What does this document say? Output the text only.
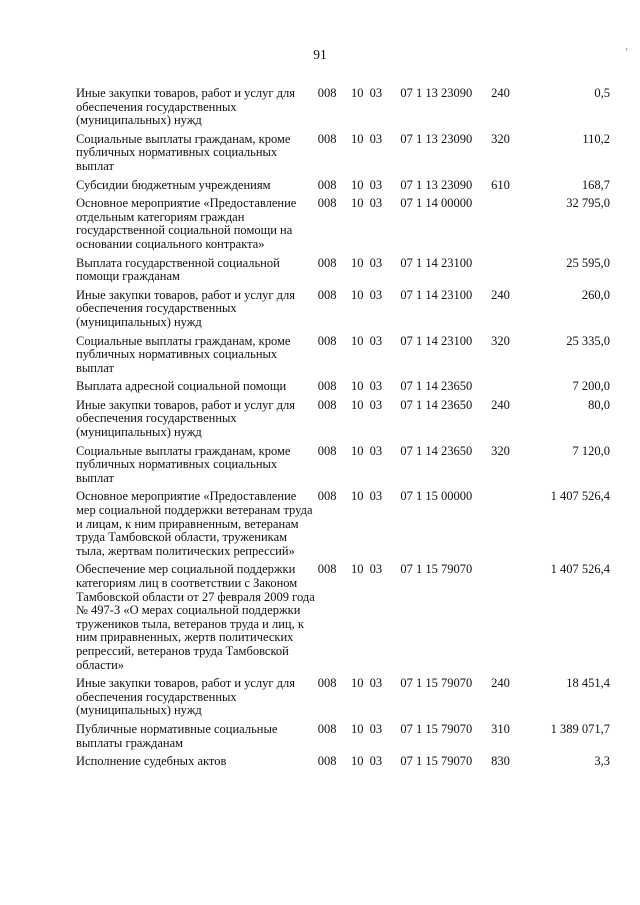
91
,
Иные закупки товаров, работ и услуг для обеспечения государственных (муниципальных) нужд	008	10 03	07 1 13 23090	240	0,5
Социальные выплаты гражданам, кроме публичных нормативных социальных выплат	008	10 03	07 1 13 23090	320	110,2
Субсидии бюджетным учреждениям	008	10 03	07 1 13 23090	610	168,7
Основное мероприятие «Предоставление отдельным категориям граждан государственной социальной помощи на основании социального контракта»	008	10 03	07 1 14 00000		32 795,0
Выплата государственной социальной помощи гражданам	008	10 03	07 1 14 23100		25 595,0
Иные закупки товаров, работ и услуг для обеспечения государственных (муниципальных) нужд	008	10 03	07 1 14 23100	240	260,0
Социальные выплаты гражданам, кроме публичных нормативных социальных выплат	008	10 03	07 1 14 23100	320	25 335,0
Выплата адресной социальной помощи	008	10 03	07 1 14 23650		7 200,0
Иные закупки товаров, работ и услуг для обеспечения государственных (муниципальных) нужд	008	10 03	07 1 14 23650	240	80,0
Социальные выплаты гражданам, кроме публичных нормативных социальных выплат	008	10 03	07 1 14 23650	320	7 120,0
Основное мероприятие «Предоставление мер социальной поддержки ветеранам труда и лицам, к ним приравненным, ветеранам труда Тамбовской области, труженикам тыла, жертвам политических репрессий»	008	10 03	07 1 15 00000		1 407 526,4
Обеспечение мер социальной поддержки категориям лиц в соответствии с Законом Тамбовской области от 27 февраля 2009 года № 497-З «О мерах социальной поддержки тружеников тыла, ветеранов труда и лиц, к ним приравненных, жертв политических репрессий, ветеранов труда Тамбовской области»	008	10 03	07 1 15 79070		1 407 526,4
Иные закупки товаров, работ и услуг для обеспечения государственных (муниципальных) нужд	008	10 03	07 1 15 79070	240	18 451,4
Публичные нормативные социальные выплаты гражданам	008	10 03	07 1 15 79070	310	1 389 071,7
Исполнение судебных актов	008	10 03	07 1 15 79070	830	3,3
